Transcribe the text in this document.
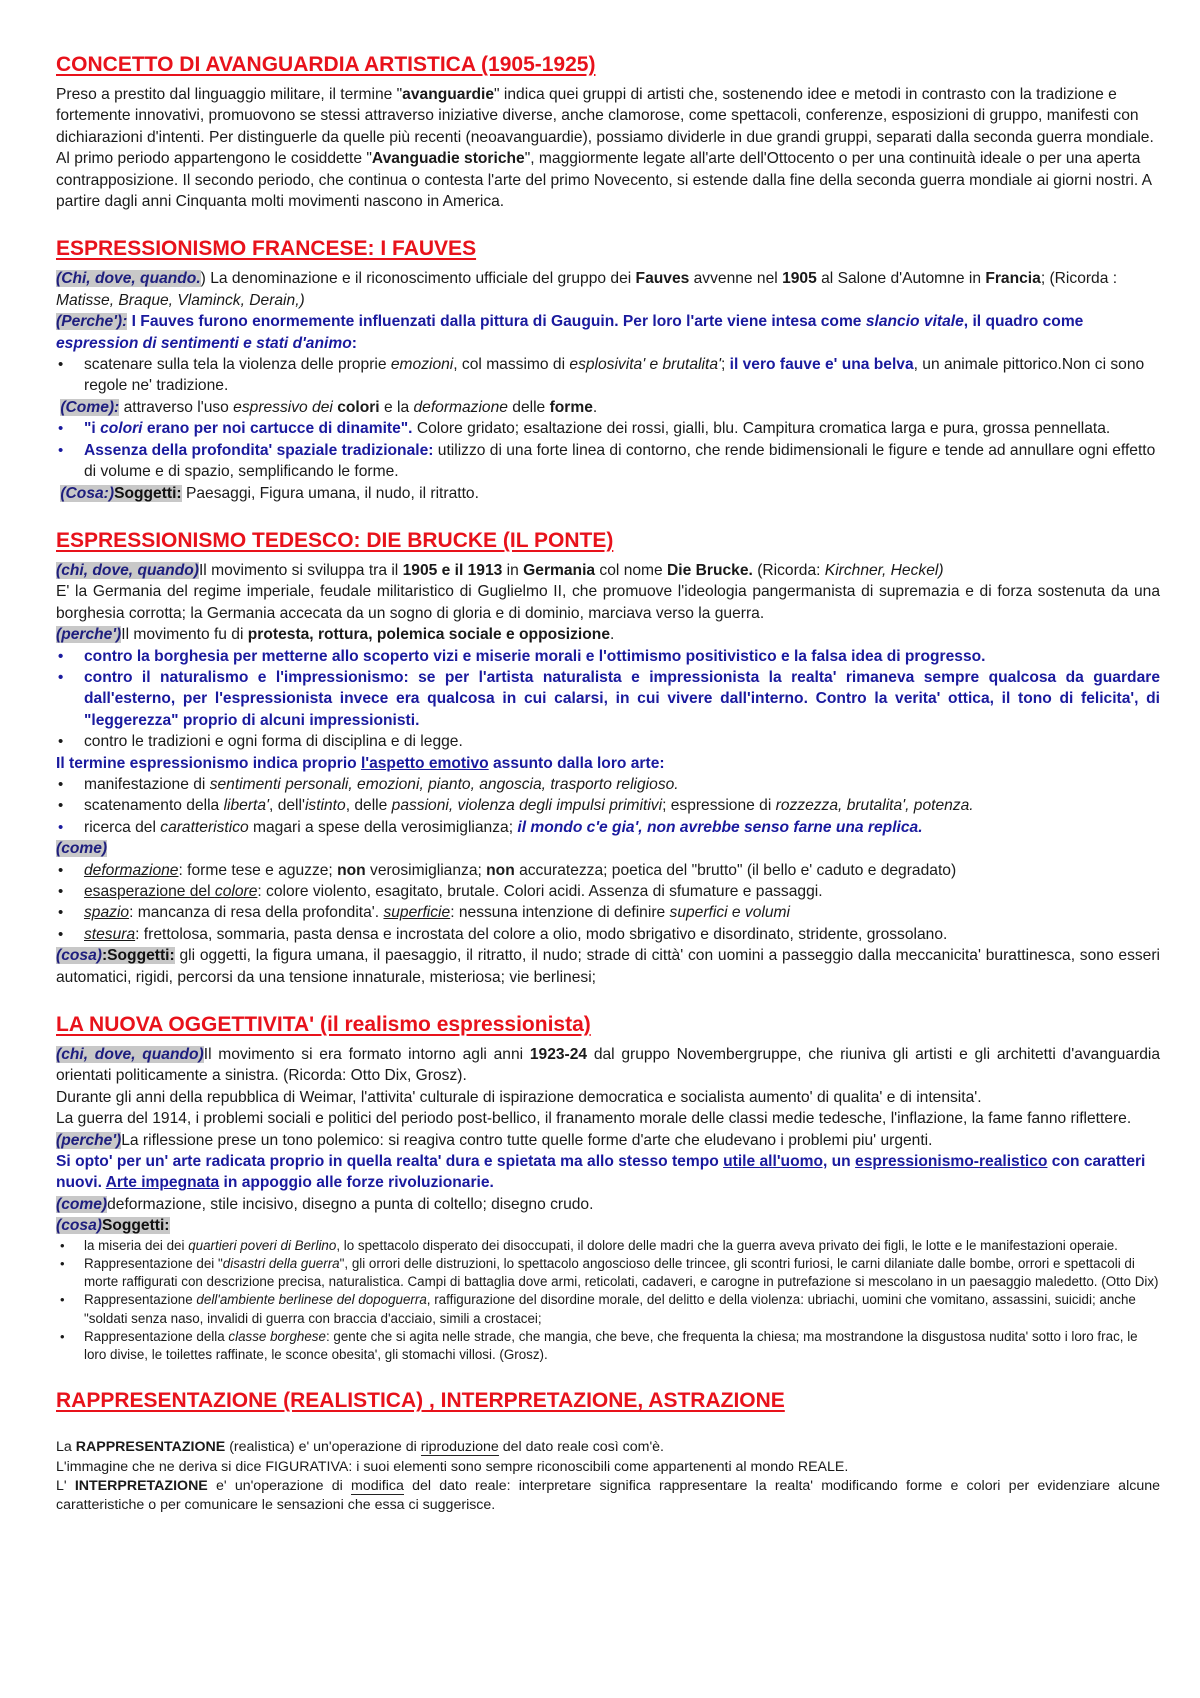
CONCETTO DI AVANGUARDIA ARTISTICA (1905-1925)

Preso a prestito dal linguaggio militare, il termine "avanguardie" indica quei gruppi di artisti che, sostenendo idee e metodi in contrasto con la tradizione e fortemente innovativi, promuovono se stessi attraverso iniziative diverse, anche clamorose, come spettacoli, conferenze, esposizioni di gruppo, manifesti con dichiarazioni d'intenti. Per distinguerle da quelle più recenti (neoavanguardie), possiamo dividerle in due grandi gruppi, separati dalla seconda guerra mondiale.

Al primo periodo appartengono le cosiddette "Avanguadie storiche", maggiormente legate all'arte dell'Ottocento o per una continuità ideale o per una aperta contrapposizione. Il secondo periodo, che continua o contesta l'arte del primo Novecento, si estende dalla fine della seconda guerra mondiale ai giorni nostri. A partire dagli anni Cinquanta molti movimenti nascono in America.

ESPRESSIONISMO FRANCESE: I FAUVES

(Chi, dove, quando.) La denominazione e il riconoscimento ufficiale del gruppo dei Fauves avvenne nel 1905 al Salone d'Automne in Francia; (Ricorda : Matisse, Braque, Vlaminck, Derain,)

(Perche'): I Fauves furono enormemente influenzati dalla pittura di Gauguin. Per loro l'arte viene intesa come slancio vitale, il quadro come espression di sentimenti e stati d'animo:

• scatenare sulla tela la violenza delle proprie emozioni, col massimo di esplosivita' e brutalita'; il vero fauve e' una belva, un animale pittorico.Non ci sono regole ne' tradizione.

(Come): attraverso l'uso espressivo dei colori e la deformazione delle forme.

• "i colori erano per noi cartucce di dinamite". Colore gridato; esaltazione dei rossi, gialli, blu. Campitura cromatica larga e pura, grossa pennellata.
• Assenza della profondita' spaziale tradizionale: utilizzo di una forte linea di contorno, che rende bidimensionali le figure e tende ad annullare ogni effetto di volume e di spazio, semplificando le forme.

(Cosa:)Soggetti: Paesaggi, Figura umana, il nudo, il ritratto.

ESPRESSIONISMO TEDESCO: DIE BRUCKE (IL PONTE)

(chi, dove, quando)Il movimento si sviluppa tra il 1905 e il 1913 in Germania col nome Die Brucke. (Ricorda: Kirchner, Heckel)

E' la Germania del regime imperiale, feudale militaristico di Guglielmo II, che promuove l'ideologia pangermanista di supremazia e di forza sostenuta da una borghesia corrotta; la Germania accecata da un sogno di gloria e di dominio, marciava verso la guerra.

(perche')Il movimento fu di protesta, rottura, polemica sociale e opposizione.

• contro la borghesia per metterne allo scoperto vizi e miserie morali e l'ottimismo positivistico e la falsa idea di progresso.
• contro il naturalismo e l'impressionismo: se per l'artista naturalista e impressionista la realta' rimaneva sempre qualcosa da guardare dall'esterno, per l'espressionista invece era qualcosa in cui calarsi, in cui vivere dall'interno. Contro la verita' ottica, il tono di felicita', di "leggerezza" proprio di alcuni impressionisti.
• contro le tradizioni e ogni forma di disciplina e di legge.

Il termine espressionismo indica proprio l'aspetto emotivo assunto dalla loro arte:

• manifestazione di sentimenti personali, emozioni, pianto, angoscia, trasporto religioso.
• scatenamento della liberta', dell'istinto, delle passioni, violenza degli impulsi primitivi; espressione di rozzezza, brutalita', potenza.
• ricerca del caratteristico magari a spese della verosimiglianza; il mondo c'e gia', non avrebbe senso farne una replica.

(come)

• deformazione: forme tese e aguzze; non verosimiglianza; non accuratezza; poetica del "brutto" (il bello e' caduto e degradato)
• esasperazione del colore: colore violento, esagitato, brutale. Colori acidi. Assenza di sfumature e passaggi.
• spazio: mancanza di resa della profondita'. superficie: nessuna intenzione di definire superfici e volumi
• stesura: frettolosa, sommaria, pasta densa e incrostata del colore a olio, modo sbrigativo e disordinato, stridente, grossolano.

(cosa):Soggetti: gli oggetti, la figura umana, il paesaggio, il ritratto, il nudo; strade di città' con uomini a passeggio dalla meccanicita' burattinesca, sono esseri automatici, rigidi, percorsi da una tensione innaturale, misteriosa; vie berlinesi;

LA NUOVA OGGETTIVITA' (il realismo espressionista)

(chi, dove, quando)Il movimento si era formato intorno agli anni 1923-24 dal gruppo Novembergruppe, che riuniva gli artisti e gli architetti d'avanguardia orientati politicamente a sinistra. (Ricorda: Otto Dix, Grosz).

Durante gli anni della repubblica di Weimar, l'attivita' culturale di ispirazione democratica e socialista aumento' di qualita' e di intensita'.

La guerra del 1914, i problemi sociali e politici del periodo post-bellico, il franamento morale delle classi medie tedesche, l'inflazione, la fame fanno riflettere.

(perche')La riflessione prese un tono polemico: si reagiva contro tutte quelle forme d'arte che eludevano i problemi piu' urgenti.

Si opto' per un' arte radicata proprio in quella realta' dura e spietata ma allo stesso tempo utile all'uomo, un espressionismo-realistico con caratteri nuovi. Arte impegnata in appoggio alle forze rivoluzionarie.

(come)deformazione, stile incisivo, disegno a punta di coltello; disegno crudo.

(cosa)Soggetti:

• la miseria dei dei quartieri poveri di Berlino, lo spettacolo disperato dei disoccupati, il dolore delle madri che la guerra aveva privato dei figli, le lotte e le manifestazioni operaie.
• Rappresentazione dei "disastri della guerra", gli orrori delle distruzioni, lo spettacolo angoscioso delle trincee, gli scontri furiosi, le carni dilaniate dalle bombe, orrori e spettacoli di morte raffigurati con descrizione precisa, naturalistica. Campi di battaglia dove armi, reticolati, cadaveri, e carogne in putrefazione si mescolano in un paesaggio maledetto. (Otto Dix)
• Rappresentazione dell'ambiente berlinese del dopoguerra, raffigurazione del disordine morale, del delitto e della violenza: ubriachi, uomini che vomitano, assassini, suicidi; anche "soldati senza naso, invalidi di guerra con braccia d'acciaio, simili a crostacei;
• Rappresentazione della classe borghese: gente che si agita nelle strade, che mangia, che beve, che frequenta la chiesa; ma mostrandone la disgustosa nudita' sotto i loro frac, le loro divise, le toilettes raffinate, le sconce obesita', gli stomachi villosi. (Grosz).
RAPPRESENTAZIONE (REALISTICA) , INTERPRETAZIONE, ASTRAZIONE

La RAPPRESENTAZIONE (realistica) e' un'operazione di riproduzione del dato reale così com'è.

L'immagine che ne deriva si dice FIGURATIVA: i suoi elementi sono sempre riconoscibili come appartenenti al mondo REALE.

L' INTERPRETAZIONE e' un'operazione di modifica del dato reale: interpretare significa rappresentare la realta' modificando forme e colori per evidenziare alcune caratteristiche o per comunicare le sensazioni che essa ci suggerisce.
